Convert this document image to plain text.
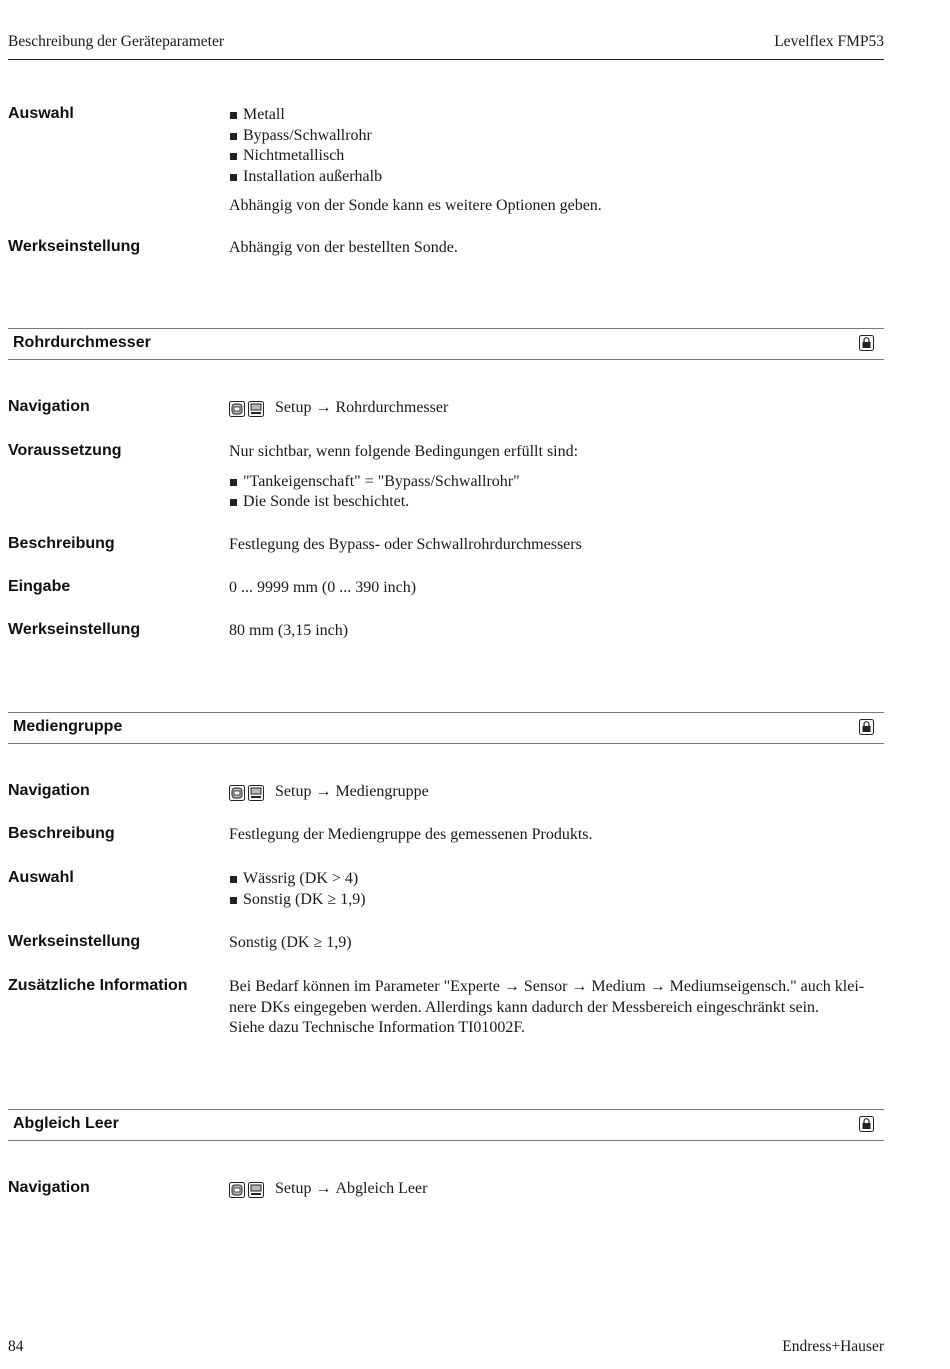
Beschreibung der Geräteparameter	Levelflex FMP53
Auswahl	Metall
Bypass/Schwallrohr
Nichtmetallisch
Installation außerhalb

Abhängig von der Sonde kann es weitere Optionen geben.

Werkseinstellung	Abhängig von der bestellten Sonde.
Rohrdurchmesser
Navigation	Setup → Rohrdurchmesser
Voraussetzung	Nur sichtbar, wenn folgende Bedingungen erfüllt sind:

"Tankeigenschaft" = "Bypass/Schwallrohr"
Die Sonde ist beschichtet.
Beschreibung	Festlegung des Bypass- oder Schwallrohrdurchmessers
Eingabe	0 ... 9999 mm (0 ... 390 inch)
Werkseinstellung	80 mm (3,15 inch)
Mediengruppe
Navigation	Setup → Mediengruppe
Beschreibung	Festlegung der Mediengruppe des gemessenen Produkts.
Auswahl	Wässrig (DK > 4)
Sonstig (DK ≥ 1,9)
Werkseinstellung	Sonstig (DK ≥ 1,9)
Zusätzliche Information	Bei Bedarf können im Parameter "Experte → Sensor → Medium → Mediumseigensch." auch klei-

nere DKs eingegeben werden. Allerdings kann dadurch der Messbereich eingeschränkt sein.

Siehe dazu Technische Information TI01002F.

Abgleich Leer
Navigation	Setup → Abgleich Leer
84	Endress+Hauser
